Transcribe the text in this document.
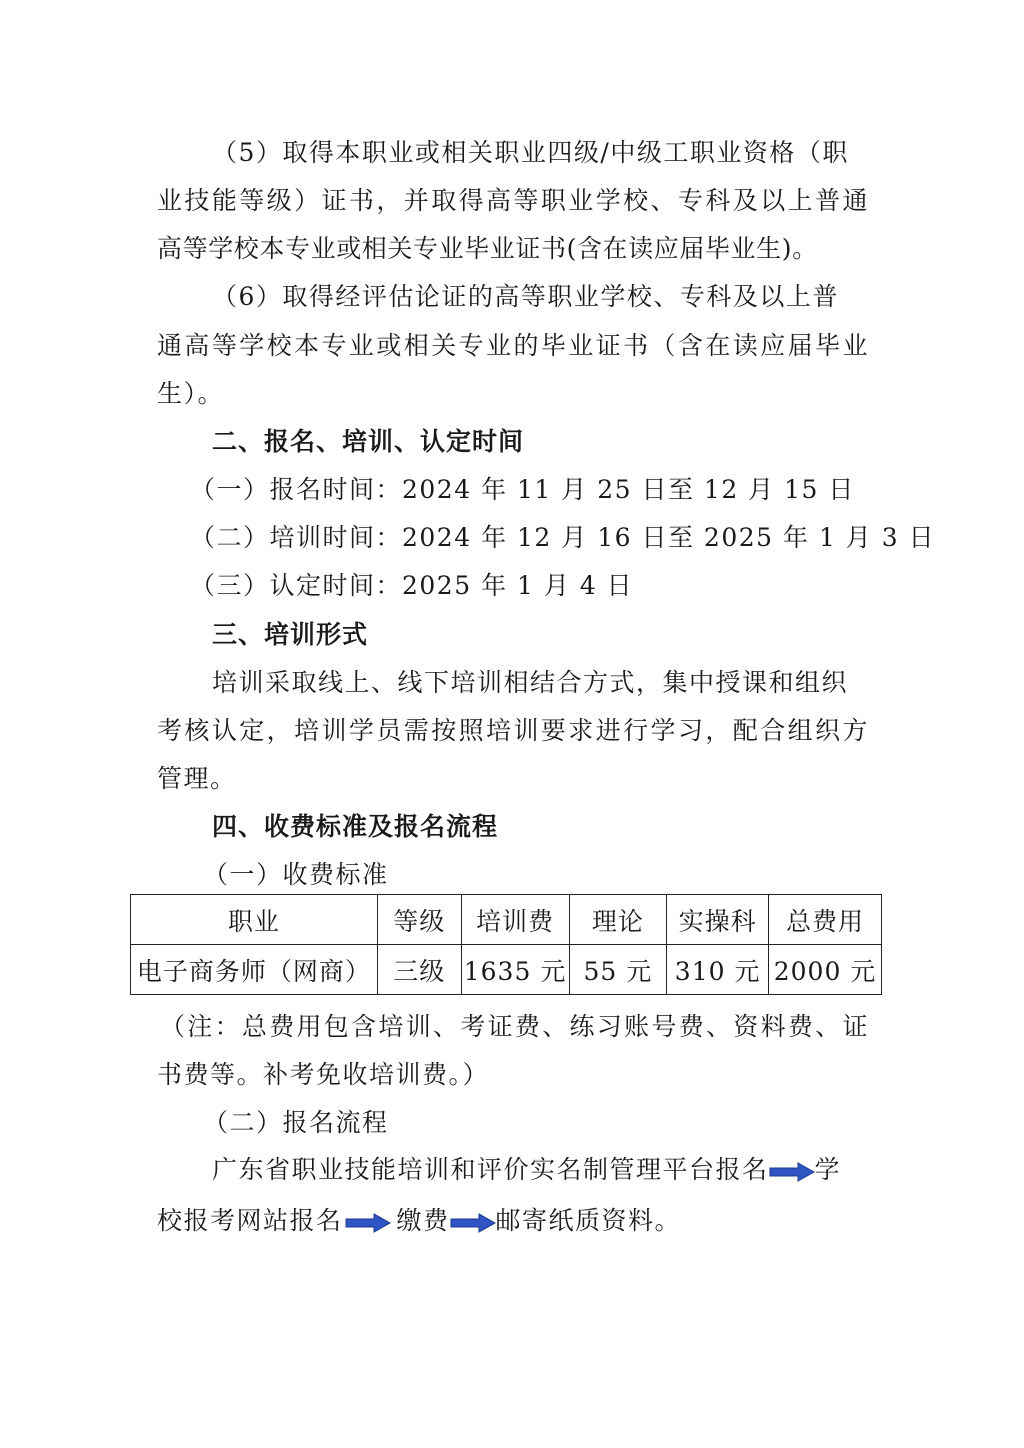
（5）取得本职业或相关职业四级/中级工职业资格（职
业技能等级）证书，并取得高等职业学校、专科及以上普通
高等学校本专业或相关专业毕业证书(含在读应届毕业生)。
（6）取得经评估论证的高等职业学校、专科及以上普
通高等学校本专业或相关专业的毕业证书（含在读应届毕业
生）。
二、报名、培训、认定时间
（一）报名时间：2024 年 11 月 25 日至 12 月 15 日
（二）培训时间：2024 年 12 月 16 日至 2025 年 1 月 3 日
（三）认定时间：2025 年 1 月 4 日
三、培训形式
培训采取线上、线下培训相结合方式，集中授课和组织
考核认定，培训学员需按照培训要求进行学习，配合组织方
管理。
四、收费标准及报名流程
（一）收费标准
职业	等级	培训费	理论	实操科	总费用
电子商务师（网商）	三级	1635 元	55 元	310 元	2000 元
（注：总费用包含培训、考证费、练习账号费、资料费、证
书费等。补考免收培训费。）
（二）报名流程
广东省职业技能培训和评价实名制管理平台报名 学
校报考网站报名 缴费 邮寄纸质资料。
